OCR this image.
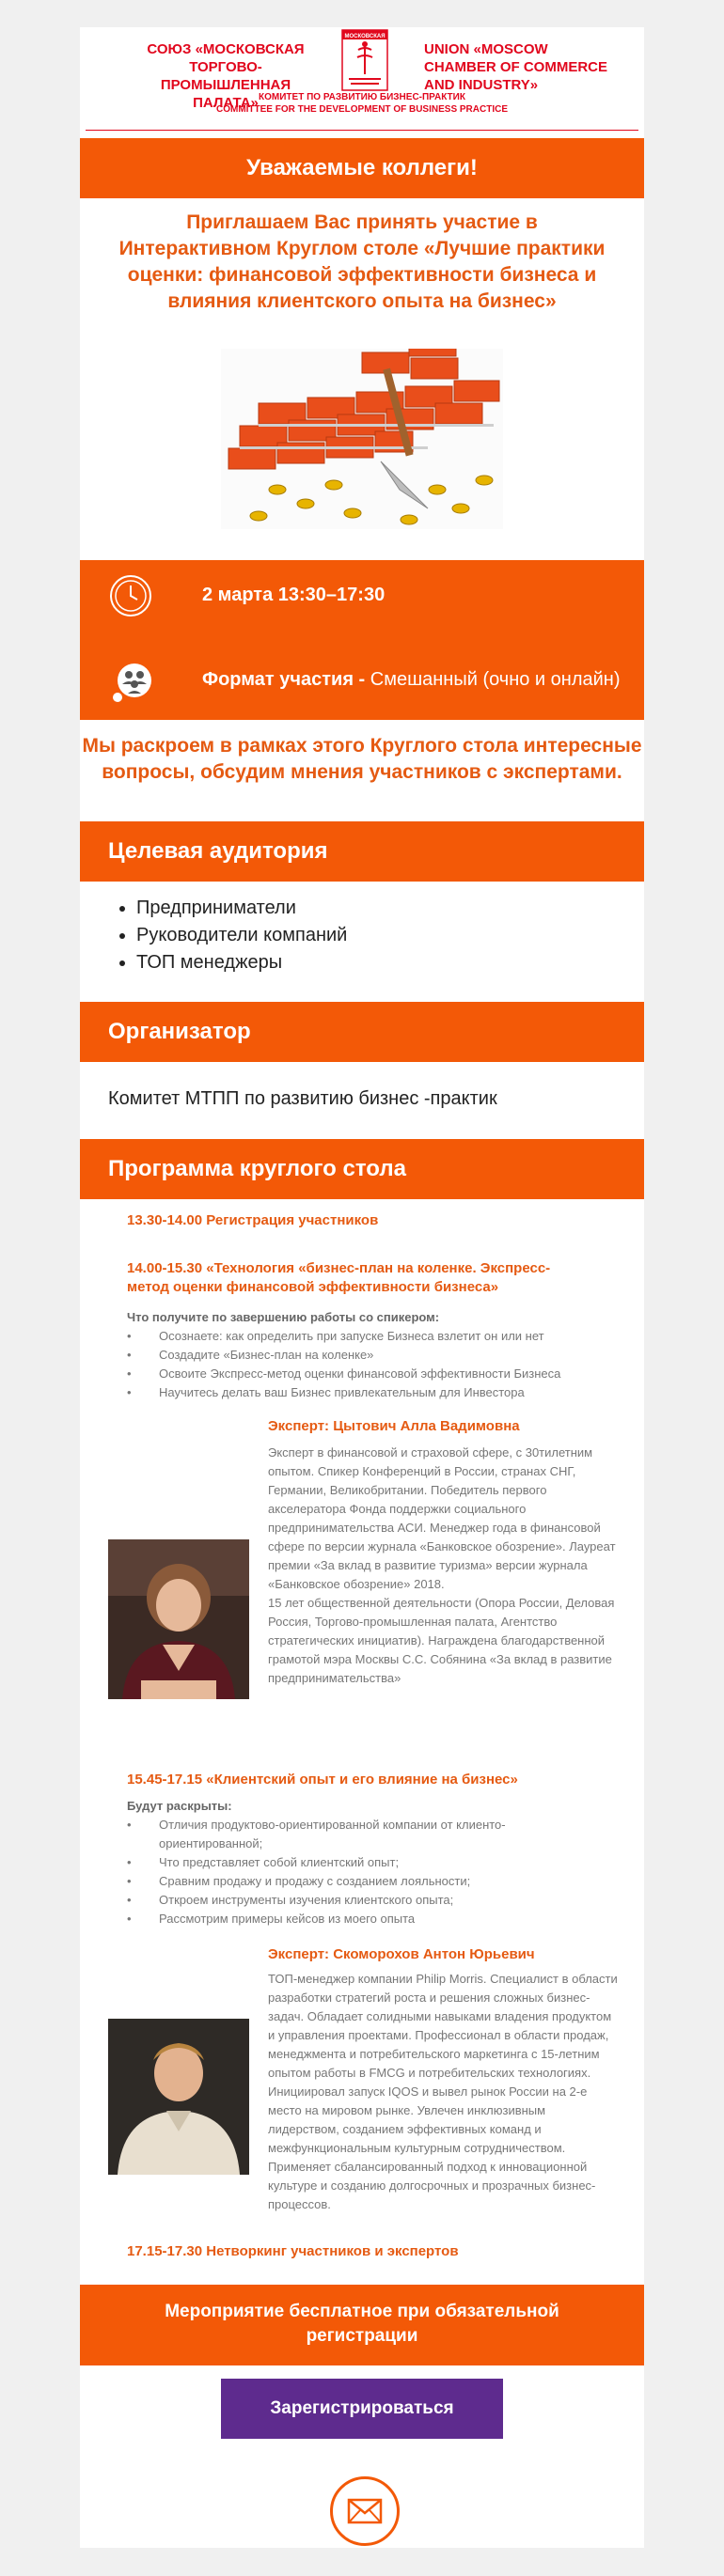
СОЮЗ «МОСКОВСКАЯ ТОРГОВО-ПРОМЫШЛЕННАЯ ПАЛАТА»
МОСКОВСКАЯ
UNION «MOSCOW CHAMBER OF COMMERCE AND INDUSTRY»
КОМИТЕТ ПО РАЗВИТИЮ БИЗНЕС-ПРАКТИК
COMMITTEE FOR THE DEVELOPMENT OF BUSINESS PRACTICE
Уважаемые коллеги!
Приглашаем Вас принять участие в Интерактивном Круглом столе «Лучшие практики оценки: финансовой эффективности бизнеса и влияния клиентского опыта на бизнес»
2 марта 13:30–17:30
Формат участия - Смешанный (очно и онлайн)
Мы раскроем в рамках этого Круглого стола интересные вопросы, обсудим мнения участников с экспертами.
Целевая аудитория
• Предприниматели
• Руководители компаний
• ТОП менеджеры
Организатор
Комитет МТПП по развитию бизнес -практик
Программа круглого стола
13.30-14.00 Регистрация участников
14.00-15.30 «Технология «бизнес-план на коленке. Экспресс-метод оценки финансовой эффективности бизнеса»
Что получите по завершению работы со спикером:
• Осознаете: как определить при запуске Бизнеса взлетит он или нет
• Создадите «Бизнес-план на коленке»
• Освоите Экспресс-метод оценки финансовой эффективности Бизнеса
• Научитесь делать ваш Бизнес привлекательным для Инвестора
Эксперт: Цытович Алла Вадимовна
Эксперт в финансовой и страховой сфере, с 30тилетним опытом. Спикер Конференций в России, странах СНГ, Германии, Великобритании. Победитель первого акселератора Фонда поддержки социального предпринимательства АСИ. Менеджер года в финансовой сфере по версии журнала «Банковское обозрение». Лауреат премии «За вклад в развитие туризма» версии журнала «Банковское обозрение» 2018.
15 лет общественной деятельности (Опора России, Деловая Россия, Торгово-промышленная палата, Агентство стратегических инициатив). Награждена благодарственной грамотой мэра Москвы С.С. Собянина «За вклад в развитие предпринимательства»
15.45-17.15 «Клиентский опыт и его влияние на бизнес»
Будут раскрыты:
• Отличия продуктово-ориентированной компании от клиенто-ориентированной;
• Что представляет собой клиентский опыт;
• Сравним продажу и продажу с созданием лояльности;
• Откроем инструменты изучения клиентского опыта;
• Рассмотрим примеры кейсов из моего опыта
Эксперт: Скоморохов Антон Юрьевич
ТОП-менеджер компании Philip Morris. Специалист в области разработки стратегий роста и решения сложных бизнес-задач. Обладает солидными навыками владения продуктом и управления проектами. Профессионал в области продаж, менеджмента и потребительского маркетинга с 15-летним опытом работы в FMCG и потребительских технологиях. Инициировал запуск IQOS и вывел рынок России на 2-е место на мировом рынке. Увлечен инклюзивным лидерством, созданием эффективных команд и межфункциональным культурным сотрудничеством. Применяет сбалансированный подход к инновационной культуре и созданию долгосрочных и прозрачных бизнес-процессов.
17.15-17.30 Нетворкинг участников и экспертов
Мероприятие бесплатное при обязательной регистрации
Зарегистрироваться
